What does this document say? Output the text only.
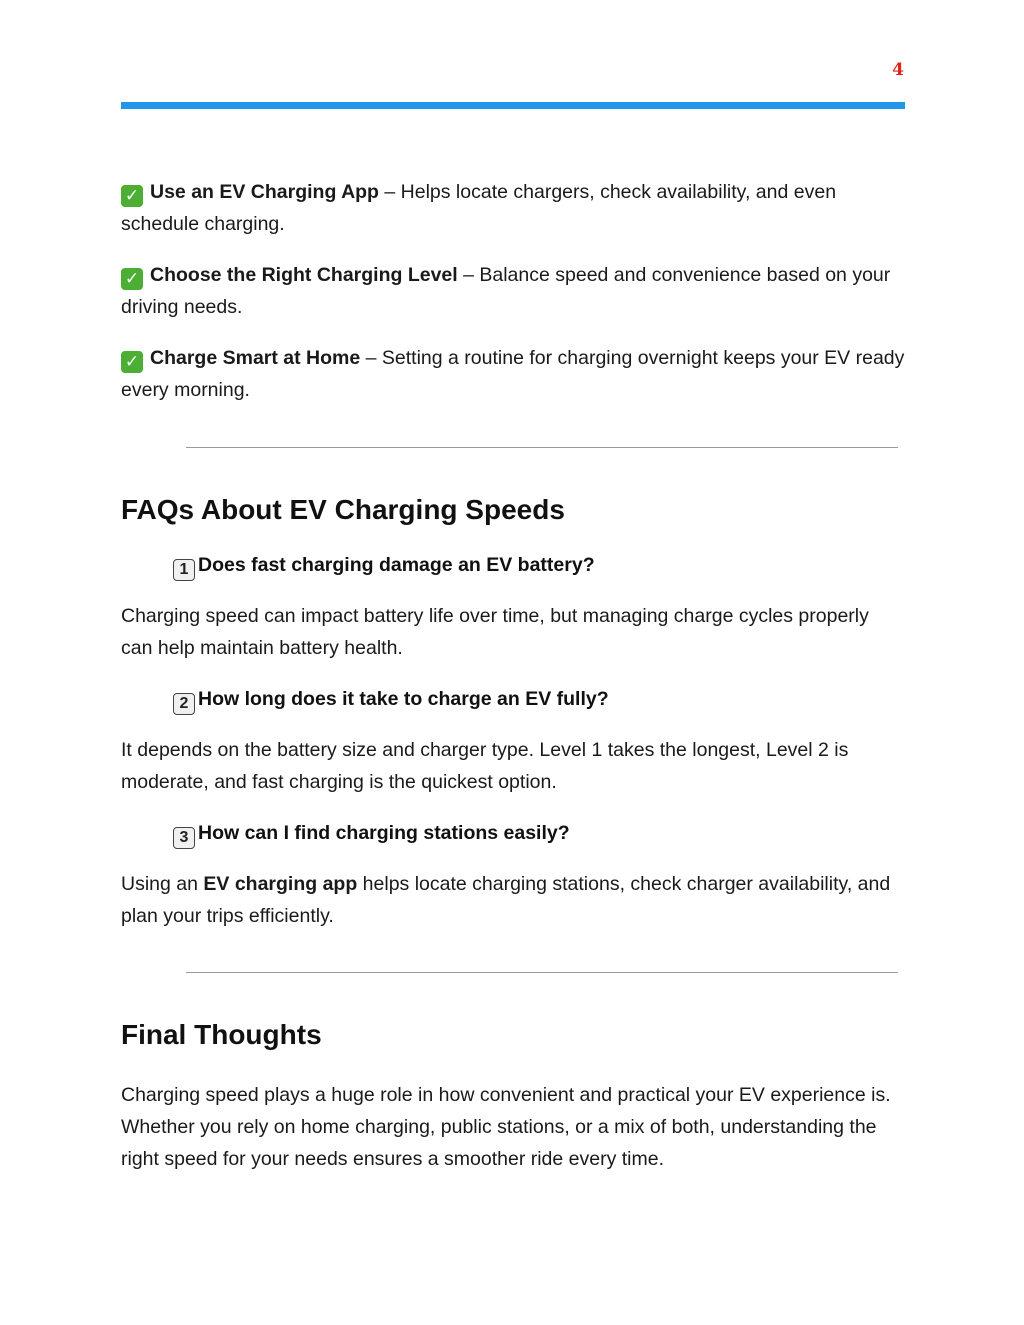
4

✓ Use an EV Charging App – Helps locate chargers, check availability, and even schedule charging.

✓ Choose the Right Charging Level – Balance speed and convenience based on your driving needs.

✓ Charge Smart at Home – Setting a routine for charging overnight keeps your EV ready every morning.

FAQs About EV Charging Speeds
1 Does fast charging damage an EV battery?

Charging speed can impact battery life over time, but managing charge cycles properly can help maintain battery health.

2 How long does it take to charge an EV fully?

It depends on the battery size and charger type. Level 1 takes the longest, Level 2 is moderate, and fast charging is the quickest option.

3 How can I find charging stations easily?

Using an EV charging app helps locate charging stations, check charger availability, and plan your trips efficiently.

Final Thoughts

Charging speed plays a huge role in how convenient and practical your EV experience is. Whether you rely on home charging, public stations, or a mix of both, understanding the right speed for your needs ensures a smoother ride every time.
